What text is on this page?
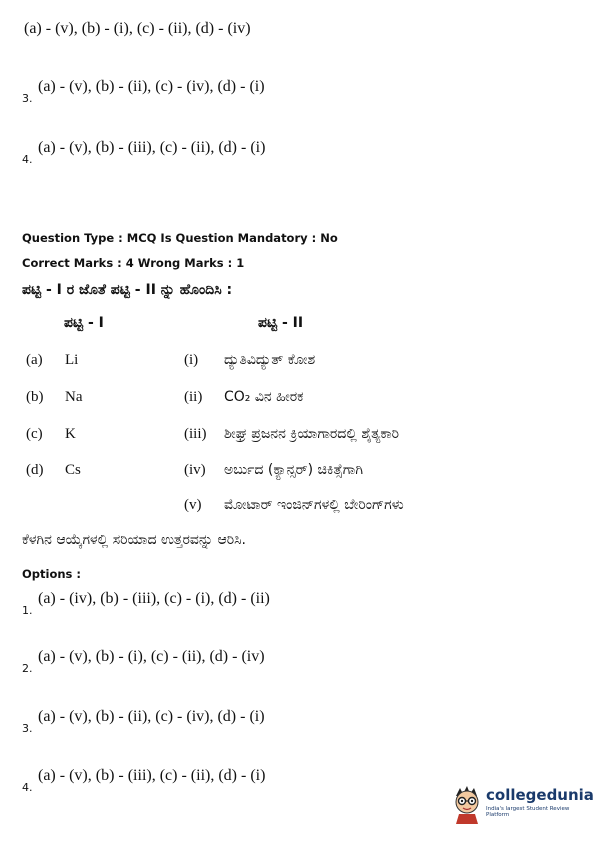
(a) - (v), (b) - (i), (c) - (ii), (d) - (iv)
3.
(a) - (v), (b) - (ii), (c) - (iv), (d) - (i)
4.
(a) - (v), (b) - (iii), (c) - (ii), (d) - (i)
Question Type : MCQ Is Question Mandatory : No
Correct Marks : 4 Wrong Marks : 1
ಪಟ್ಟಿ - I ರ ಜೊತೆ ಪಟ್ಟಿ - II ನ್ನು ಹೊಂದಿಸಿ :
ಪಟ್ಟಿ - I	ಪಟ್ಟಿ - II
(a) Li
(b) Na
(c) K
(d) Cs
(i) ದ್ಯುತಿವಿದ್ಯುತ್ ಕೋಶ
(ii) CO₂ ವಿನ ಹೀರಕ
(iii) ಶೀಘ್ರ ಪ್ರಜನನ ಕ್ರಿಯಾಗಾರದಲ್ಲಿ ಶೈತ್ಯಕಾರಿ
(iv) ಅರ್ಬುದ (ಕ್ಯಾನ್ಸರ್) ಚಿಕಿತ್ಸೆಗಾಗಿ
(v) ಮೋಟಾರ್ ಇಂಜಿನ್‌ಗಳಲ್ಲಿ ಬೇರಿಂಗ್‌ಗಳು
ಕೆಳಗಿನ ಆಯ್ಕೆಗಳಲ್ಲಿ ಸರಿಯಾದ ಉತ್ತರವನ್ನು ಆರಿಸಿ.
Options :
1.
(a) - (iv), (b) - (iii), (c) - (i), (d) - (ii)
2.
(a) - (v), (b) - (i), (c) - (ii), (d) - (iv)
3.
(a) - (v), (b) - (ii), (c) - (iv), (d) - (i)
4.
(a) - (v), (b) - (iii), (c) - (ii), (d) - (i)
collegedunia
India's largest Student Review Platform
